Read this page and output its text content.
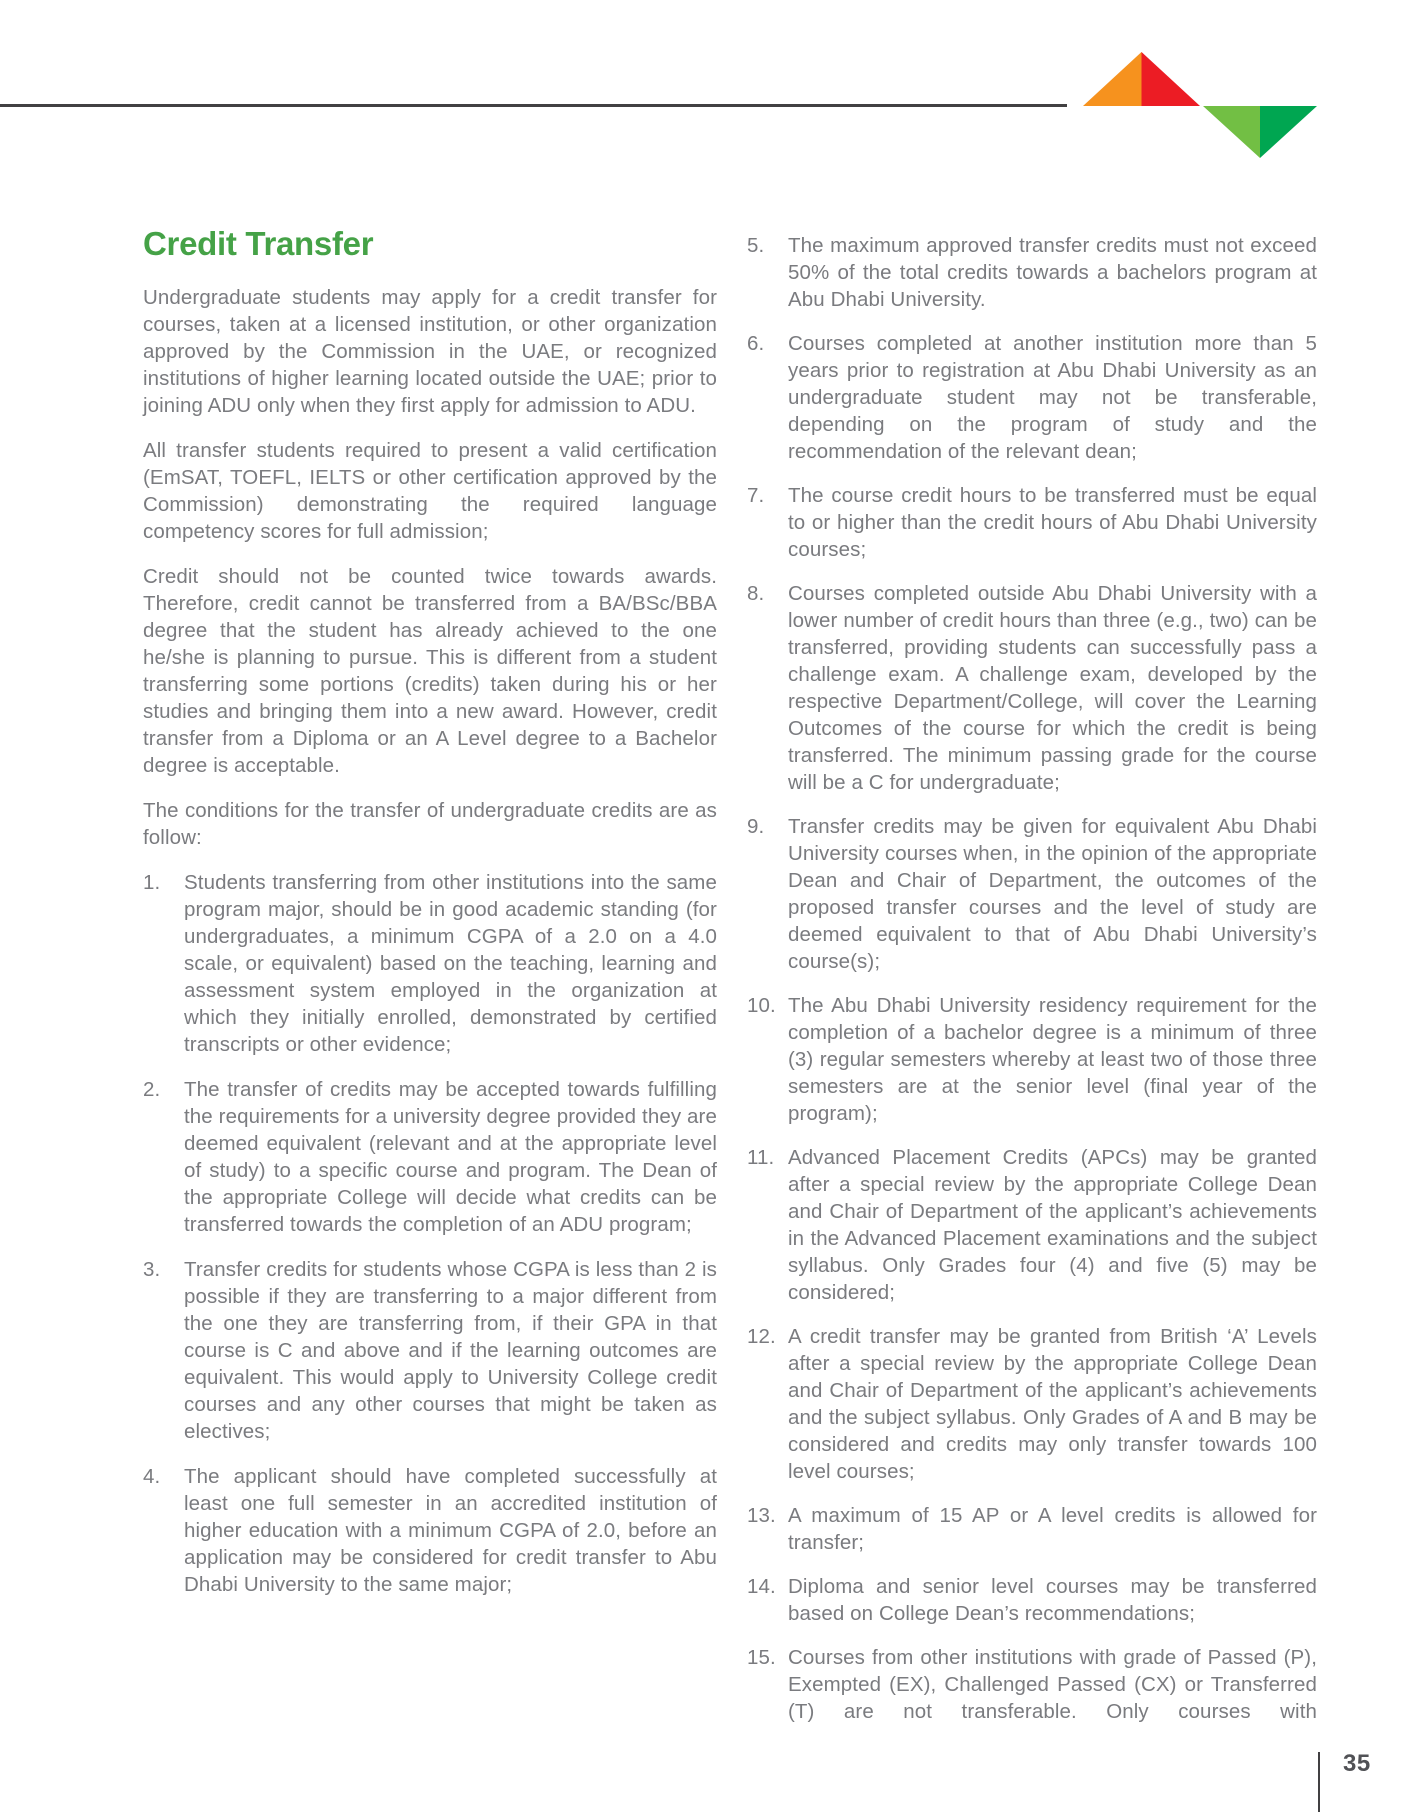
Credit Transfer

Undergraduate students may apply for a credit transfer for courses, taken at a licensed institution, or other organization approved by the Commission in the UAE, or recognized institutions of higher learning located outside the UAE; prior to joining ADU only when they first apply for admission to ADU.

All transfer students required to present a valid certification (EmSAT, TOEFL, IELTS or other certification approved by the Commission) demonstrating the required language competency scores for full admission;

Credit should not be counted twice towards awards. Therefore, credit cannot be transferred from a BA/BSc/BBA degree that the student has already achieved to the one he/she is planning to pursue. This is different from a student transferring some portions (credits) taken during his or her studies and bringing them into a new award. However, credit transfer from a Diploma or an A Level degree to a Bachelor degree is acceptable.

The conditions for the transfer of undergraduate credits are as follow:

1.	Students transferring from other institutions into the same program major, should be in good academic standing (for undergraduates, a minimum CGPA of a 2.0 on a 4.0 scale, or equivalent) based on the teaching, learning and assessment system employed in the organization at which they initially enrolled, demonstrated by certified transcripts or other evidence;
2.	The transfer of credits may be accepted towards fulfilling the requirements for a university degree provided they are deemed equivalent (relevant and at the appropriate level of study) to a specific course and program. The Dean of the appropriate College will decide what credits can be transferred towards the completion of an ADU program;
3.	Transfer credits for students whose CGPA is less than 2 is possible if they are transferring to a major different from the one they are transferring from, if their GPA in that course is C and above and if the learning outcomes are equivalent. This would apply to University College credit courses and any other courses that might be taken as electives;
4.	The applicant should have completed successfully at least one full semester in an accredited institution of higher education with a minimum CGPA of 2.0, before an application may be considered for credit transfer to Abu Dhabi University to the same major;
5.	The maximum approved transfer credits must not exceed 50% of the total credits towards a bachelors program at Abu Dhabi University.
6.	Courses completed at another institution more than 5 years prior to registration at Abu Dhabi University as an undergraduate student may not be transferable, depending on the program of study and the recommendation of the relevant dean;
7.	The course credit hours to be transferred must be equal to or higher than the credit hours of Abu Dhabi University courses;
8.	Courses completed outside Abu Dhabi University with a lower number of credit hours than three (e.g., two) can be transferred, providing students can successfully pass a challenge exam. A challenge exam, developed by the respective Department/College, will cover the Learning Outcomes of the course for which the credit is being transferred. The minimum passing grade for the course will be a C for undergraduate;
9.	Transfer credits may be given for equivalent Abu Dhabi University courses when, in the opinion of the appropriate Dean and Chair of Department, the outcomes of the proposed transfer courses and the level of study are deemed equivalent to that of Abu Dhabi University’s course(s);
10. The Abu Dhabi University residency requirement for the completion of a bachelor degree is a minimum of three (3) regular semesters whereby at least two of those three semesters are at the senior level (final year of the program);
11. Advanced Placement Credits (APCs) may be granted after a special review by the appropriate College Dean and Chair of Department of the applicant’s achievements in the Advanced Placement examinations and the subject syllabus. Only Grades four (4) and five (5) may be considered;
12. A credit transfer may be granted from British ‘A’ Levels after a special review by the appropriate College Dean and Chair of Department of the applicant’s achievements and the subject syllabus. Only Grades of A and B may be considered and credits may only transfer towards 100 level courses;
13. A maximum of 15 AP or A level credits is allowed for transfer;
14. Diploma and senior level courses may be transferred based on College Dean’s recommendations;
15. Courses from other institutions with grade of Passed (P), Exempted (EX), Challenged Passed (CX) or Transferred (T) are not transferable. Only courses with
35
